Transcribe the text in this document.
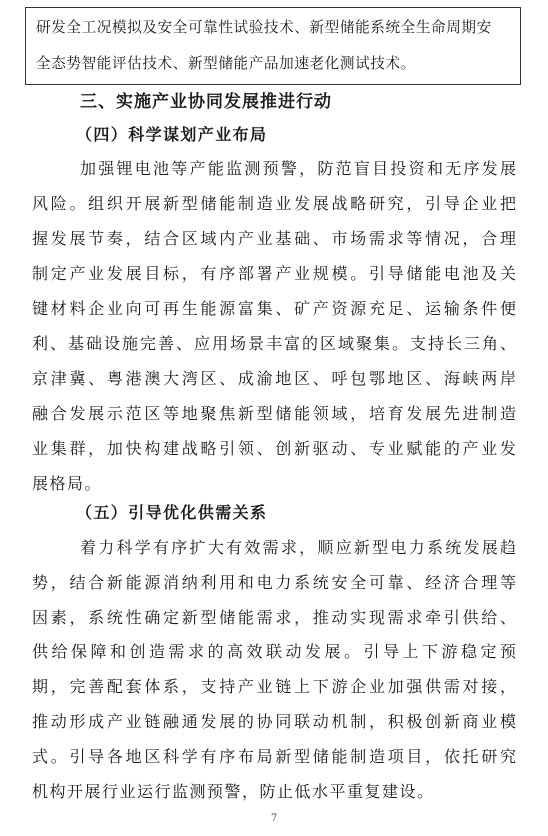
研发全工况模拟及安全可靠性试验技术、新型储能系统全生命周期安

全态势智能评估技术、新型储能产品加速老化测试技术。

三、实施产业协同发展推进行动
（四）科学谋划产业布局

加强锂电池等产能监测预警，防范盲目投资和无序发展

风险。组织开展新型储能制造业发展战略研究，引导企业把

握发展节奏，结合区域内产业基础、市场需求等情况，合理

制定产业发展目标，有序部署产业规模。引导储能电池及关

键材料企业向可再生能源富集、矿产资源充足、运输条件便

利、基础设施完善、应用场景丰富的区域聚集。支持长三角、

京津冀、粤港澳大湾区、成渝地区、呼包鄂地区、海峡两岸

融合发展示范区等地聚焦新型储能领域，培育发展先进制造

业集群，加快构建战略引领、创新驱动、专业赋能的产业发

展格局。

（五）引导优化供需关系

着力科学有序扩大有效需求，顺应新型电力系统发展趋

势，结合新能源消纳利用和电力系统安全可靠、经济合理等

因素，系统性确定新型储能需求，推动实现需求牵引供给、

供给保障和创造需求的高效联动发展。引导上下游稳定预

期，完善配套体系，支持产业链上下游企业加强供需对接，

推动形成产业链融通发展的协同联动机制，积极创新商业模

式。引导各地区科学有序布局新型储能制造项目，依托研究

机构开展行业运行监测预警，防止低水平重复建设。

7
